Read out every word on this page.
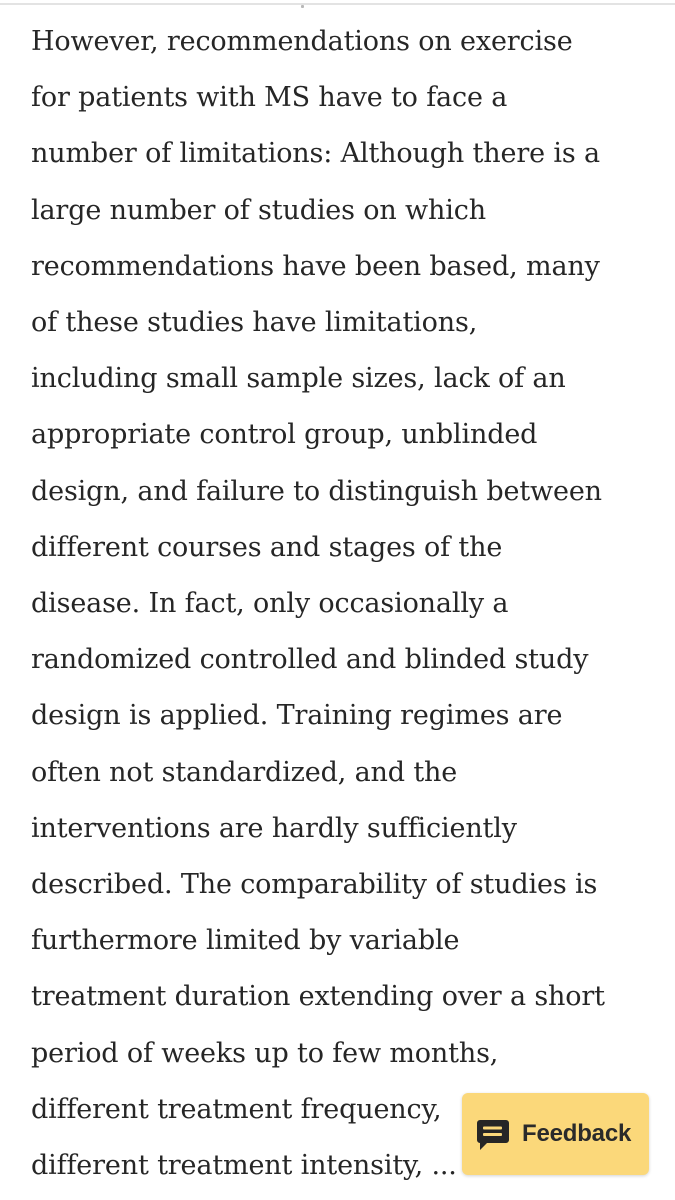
However, recommendations on exercise
for patients with MS have to face a
number of limitations: Although there is a
large number of studies on which
recommendations have been based, many
of these studies have limitations,
including small sample sizes, lack of an
appropriate control group, unblinded
design, and failure to distinguish between
different courses and stages of the
disease. In fact, only occasionally a
randomized controlled and blinded study
design is applied. Training regimes are
often not standardized, and the
interventions are hardly sufficiently
described. The comparability of studies is
furthermore limited by variable
treatment duration extending over a short
period of weeks up to few months,
different treatment frequency,
different treatment intensity, ...

Feedback
